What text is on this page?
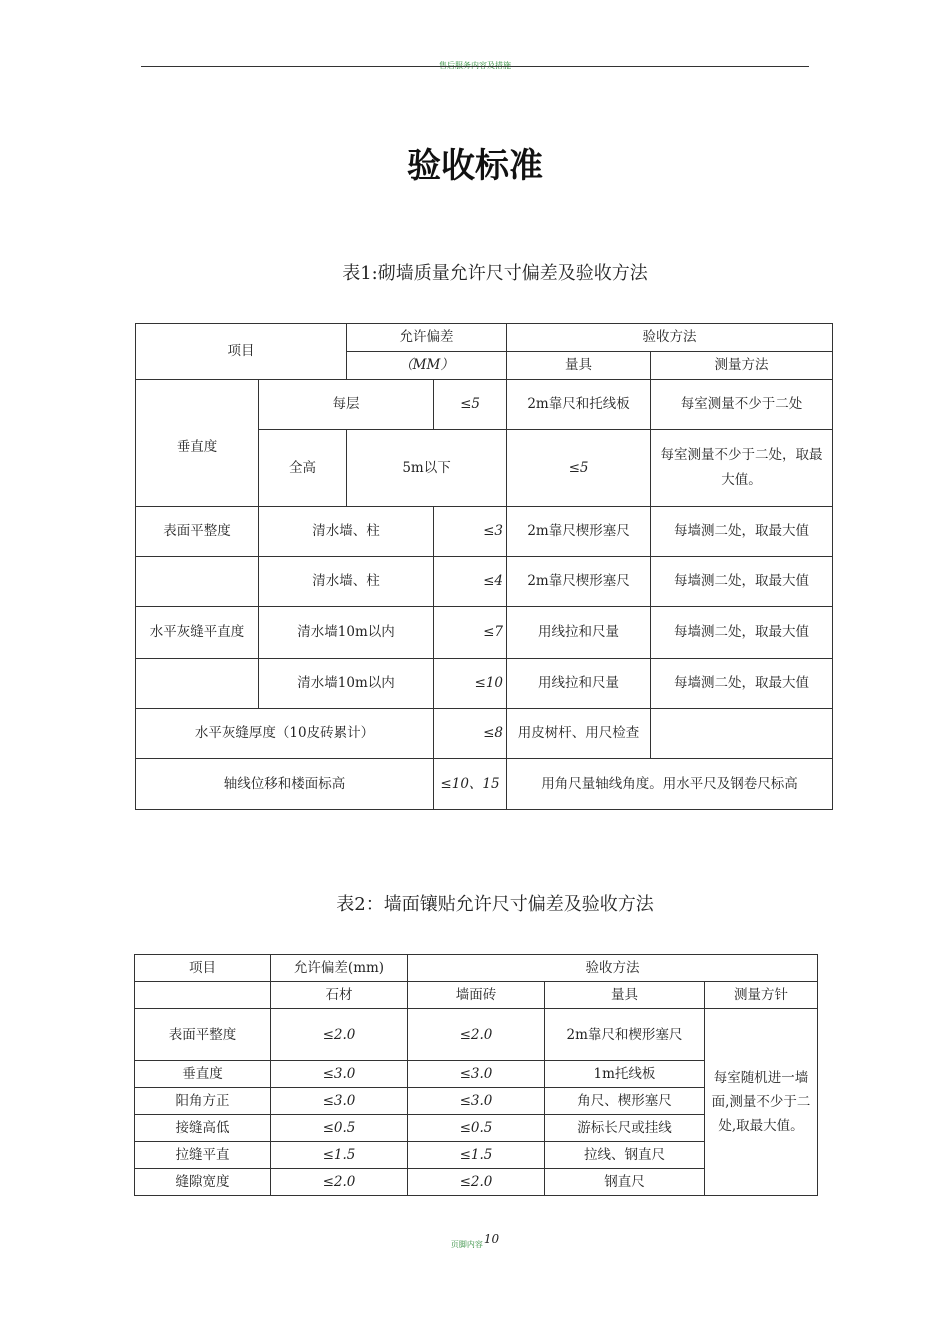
售后服务内容及措施
验收标准
表1:砌墙质量允许尺寸偏差及验收方法
项目		允许偏差		验收方法	
		（MM）		量具	测量方法
垂直度	每层		≤5	2m靠尺和托线板	每室测量不少于二处
	全高	5m以下		≤5	每室测量不少于二处，取最大值。
表面平整度	清水墙、柱		≤3	2m靠尺楔形塞尺	每墙测二处，取最大值
	清水墙、柱		≤4	2m靠尺楔形塞尺	每墙测二处，取最大值
水平灰缝平直度	清水墙10m以内		≤7	用线拉和尺量	每墙测二处，取最大值
	清水墙10m以内		≤10	用线拉和尺量	每墙测二处，取最大值
水平灰缝厚度（10皮砖累计）			≤8	用皮树杆、用尺检查	
轴线位移和楼面标高			≤10、15	用角尺量轴线角度。用水平尺及钢卷尺标高	
表2：墙面镶贴允许尺寸偏差及验收方法
项目	允许偏差(mm)	验收方法		
	石材	墙面砖	量具	测量方针
表面平整度	≤2.0	≤2.0	2m靠尺和楔形塞尺	每室随机进一墙面,测量不少于二处,取最大值。
垂直度	≤3.0	≤3.0	1m托线板	
阳角方正	≤3.0	≤3.0	角尺、楔形塞尺	
接缝高低	≤0.5	≤0.5	游标长尺或挂线	
拉缝平直	≤1.5	≤1.5	拉线、钢直尺	
缝隙宽度	≤2.0	≤2.0	钢直尺	
页脚内容10
